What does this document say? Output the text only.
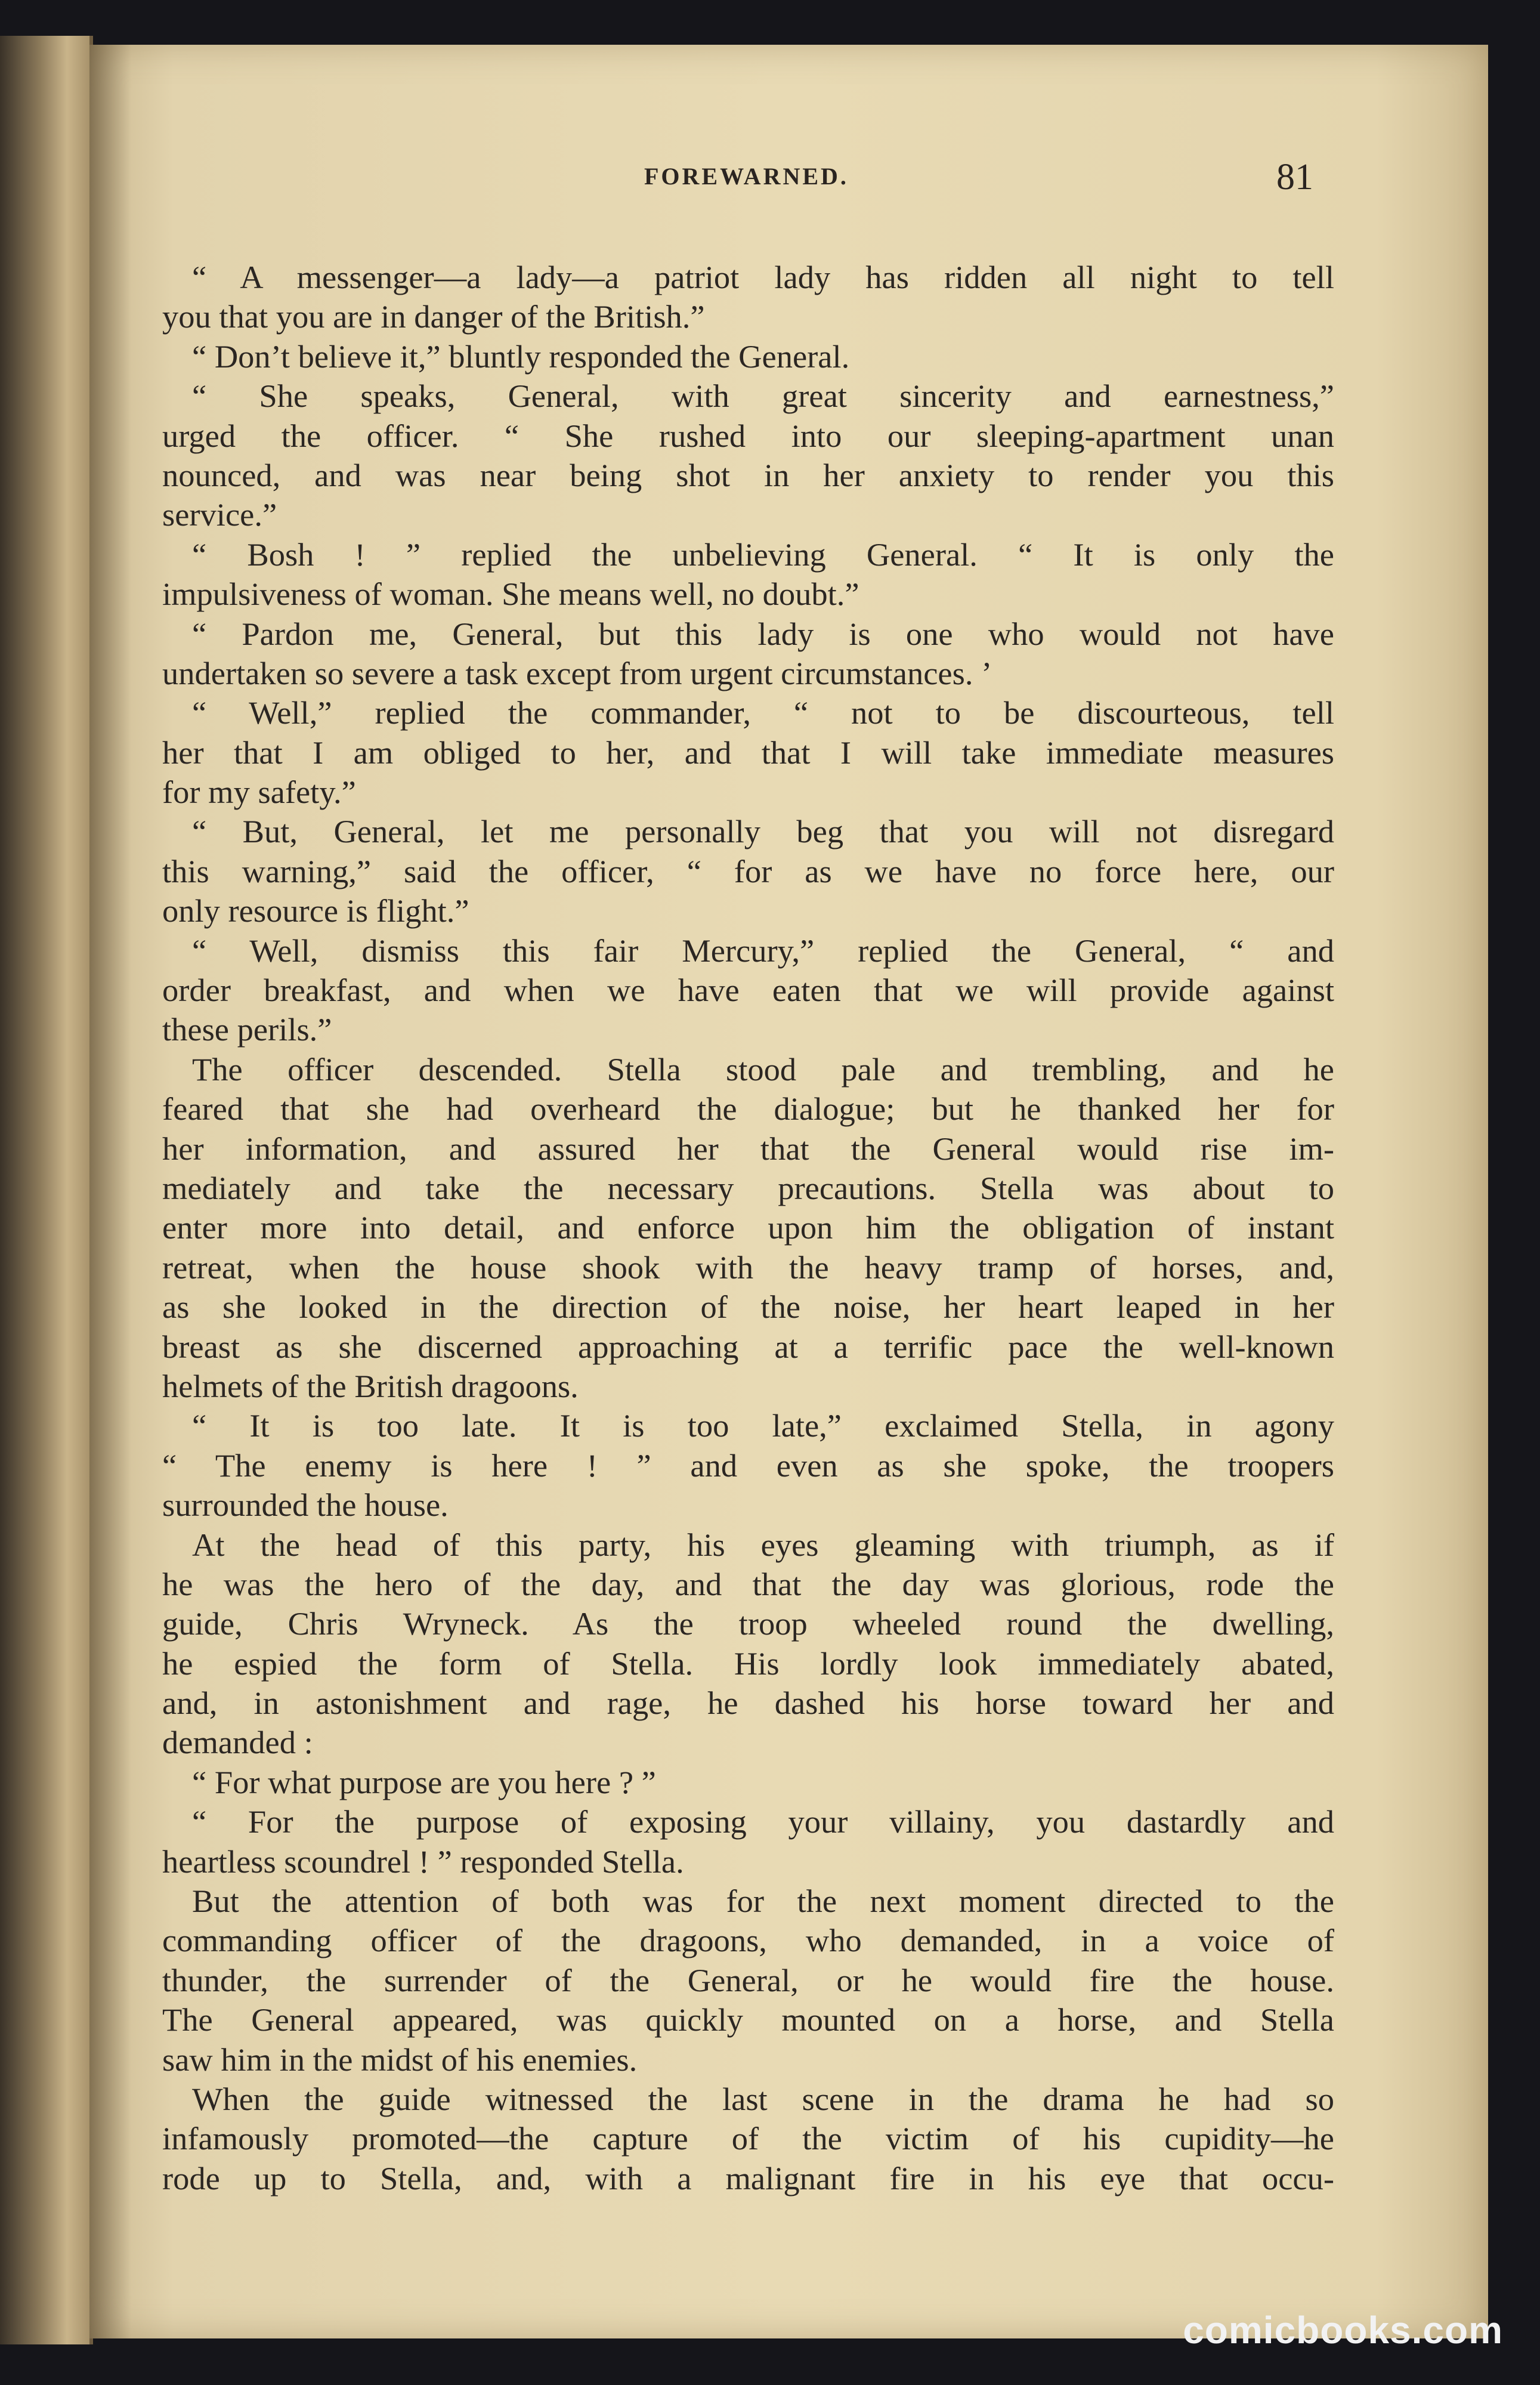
FOREWARNED.	81
“ A messenger—a lady—a patriot lady has ridden all night to tell
you that you are in danger of the British.”
“ Don’t believe it,” bluntly responded the General.
“ She speaks, General, with great sincerity and earnestness,”
urged the officer. “ She rushed into our sleeping-apartment unan
nounced, and was near being shot in her anxiety to render you this
service.”
“ Bosh ! ” replied the unbelieving General. “ It is only the
impulsiveness of woman. She means well, no doubt.”
“ Pardon me, General, but this lady is one who would not have
undertaken so severe a task except from urgent circumstances. ’
“ Well,” replied the commander, “ not to be discourteous, tell
her that I am obliged to her, and that I will take immediate measures
for my safety.”
“ But, General, let me personally beg that you will not disregard
this warning,” said the officer, “ for as we have no force here, our
only resource is flight.”
“ Well, dismiss this fair Mercury,” replied the General, “ and
order breakfast, and when we have eaten that we will provide against
these perils.”
The officer descended. Stella stood pale and trembling, and he
feared that she had overheard the dialogue; but he thanked her for
her information, and assured her that the General would rise im-
mediately and take the necessary precautions. Stella was about to
enter more into detail, and enforce upon him the obligation of instant
retreat, when the house shook with the heavy tramp of horses, and,
as she looked in the direction of the noise, her heart leaped in her
breast as she discerned approaching at a terrific pace the well-known
helmets of the British dragoons.
“ It is too late. It is too late,” exclaimed Stella, in agony
“ The enemy is here ! ” and even as she spoke, the troopers
surrounded the house.
At the head of this party, his eyes gleaming with triumph, as if
he was the hero of the day, and that the day was glorious, rode the
guide, Chris Wryneck. As the troop wheeled round the dwelling,
he espied the form of Stella. His lordly look immediately abated,
and, in astonishment and rage, he dashed his horse toward her and
demanded :
“ For what purpose are you here ? ”
“ For the purpose of exposing your villainy, you dastardly and
heartless scoundrel ! ” responded Stella.
But the attention of both was for the next moment directed to the
commanding officer of the dragoons, who demanded, in a voice of
thunder, the surrender of the General, or he would fire the house.
The General appeared, was quickly mounted on a horse, and Stella
saw him in the midst of his enemies.
When the guide witnessed the last scene in the drama he had so
infamously promoted—the capture of the victim of his cupidity—he
rode up to Stella, and, with a malignant fire in his eye that occu-
comicbooks.com
